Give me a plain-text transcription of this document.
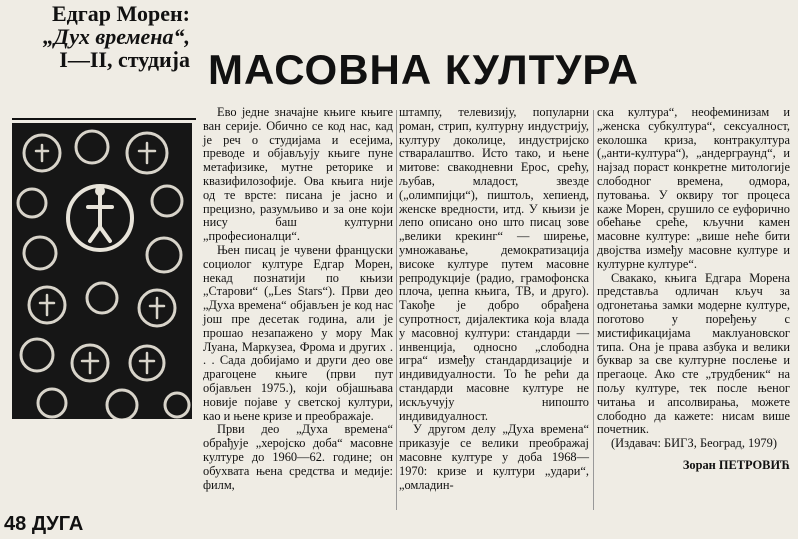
Едгар Морен:
„Дух времена“,
I—II, студија МАСОВНА КУЛТУРА

Ево једне значајне књиге књиге ван серије. Обично се код нас, кад је реч о студијама и есејима, преводе и објављују књиге пуне метафизике, мутне реторике и квазифилозофије. Ова књига није од те врсте: писана је јасно и прецизно, разумљиво и за оне који нису баш културни „професионалци“.

Њен писац је чувени француски социолог културе Едгар Морен, некад познатији по књизи „Старови“ („Les Stars“). Први део „Духа времена“ објављен је код нас још пре десетак година, али је прошао незапажено у мору Мак Луана, Маркузеа, Фрома и других . . . Сада добијамо и други део ове драгоцене књиге (први пут објављен 1975.), који објашњава новије појаве у светској култури, као и њене кризе и преображаје.

Први део „Духа времена“ обрађује „херојско доба“ масовне културе до 1960—62. године; он обухвата њена средства и медије: филм,

штампу, телевизију, популарни роман, стрип, културну индустрију, културу доколице, индустријско стваралаштво. Исто тако, и њене митове: свакодневни Ерос, срећу, љубав, младост, звезде („олимпијци“), пиштољ, хепиенд, женске вредности, итд. У књизи је лепо описано оно што писац зове „велики крекинг“ — ширење, умножавање, демократизација високе културе путем масовне репродукције (радио, грамофонска плоча, џепна књига, ТВ, и друго). Такође је добро обрађена супротност, дијалектика која влада у масовној култури: стандарди — инвенција, односно „слободна игра“ између стандардизације и индивидуалности. То ће рећи да стандарди масовне културе не искључују нипошто индивидуалност.

У другом делу „Духа времена“ приказује се велики преображај масовне културе у доба 1968—1970: кризе и култури „удари“, „омладин-

ска култура“, неофеминизам и „женска субкултура“, сексуалност, еколошка криза, контракултура („анти-култура“), „андерграунд“, и најзад пораст конкретне митологије слободног времена, одмора, путовања. У оквиру тог процеса каже Морен, срушило се еуфорично обећање среће, кључни камен масовне културе: „више неће бити двојства између масовне културе и културне културе“.

Свакако, књига Едгара Морена представља одличан кључ за одгонетања замки модерне културе, поготово у поређењу с мистификацијама маклуановског типа. Она је права азбука и велики буквар за све културне послење и прегаоце. Ако сте „трудбеник“ на пољу културе, тек после њеног читања и апсолвирања, можете слободно да кажете: нисам више почетник.

(Издавач: БИГЗ, Београд, 1979)

Зоран ПЕТРОВИЋ
48 ДУГА
